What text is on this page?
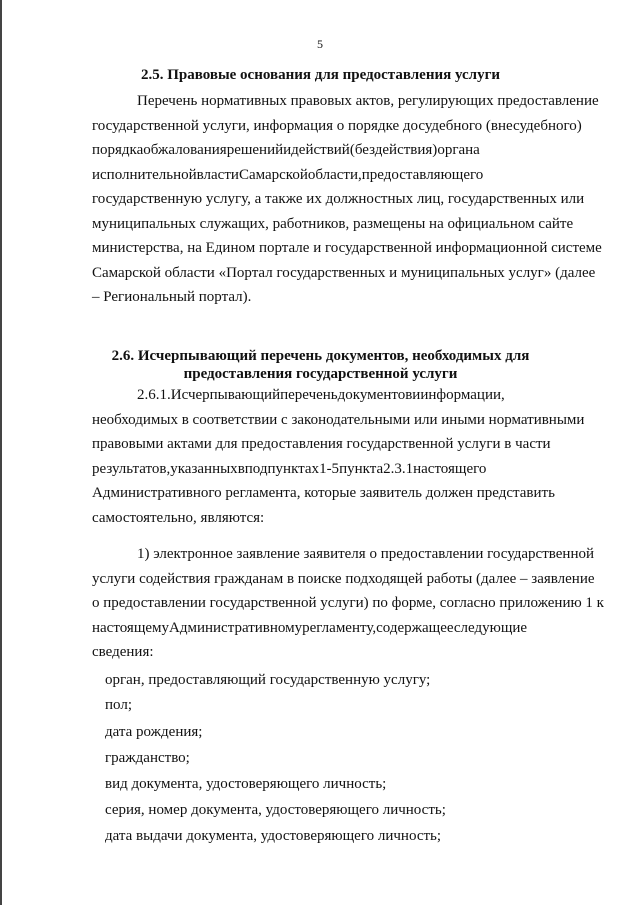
5
2.5. Правовые основания для предоставления услуги
Перечень нормативных правовых актов, регулирующих предоставление
государственной услуги, информация о порядке досудебного (внесудебного)
порядкаобжалованиярешенийидействий(бездействия)органа
исполнительнойвластиСамарскойобласти,предоставляющего
государственную услугу, а также их должностных лиц, государственных или
муниципальных служащих, работников, размещены на официальном сайте
министерства, на Едином портале и государственной информационной системе
Самарской области «Портал государственных и муниципальных услуг» (далее
– Региональный портал).
2.6. Исчерпывающий перечень документов, необходимых для
предоставления государственной услуги
2.6.1.Исчерпывающийпереченьдокументовиинформации,
необходимых в соответствии с законодательными или иными нормативными
правовыми актами для предоставления государственной услуги в части
результатов,указанныхвподпунктах1-5пункта2.3.1настоящего
Административного регламента, которые заявитель должен представить
самостоятельно, являются:
1) электронное заявление заявителя о предоставлении государственной
услуги содействия гражданам в поиске подходящей работы (далее – заявление
о предоставлении государственной услуги) по форме, согласно приложению 1 к
настоящемуАдминистративномурегламенту,содержащееследующие
сведения:
орган, предоставляющий государственную услугу;
пол;
дата рождения;
гражданство;
вид документа, удостоверяющего личность;
серия, номер документа, удостоверяющего личность;
дата выдачи документа, удостоверяющего личность;
